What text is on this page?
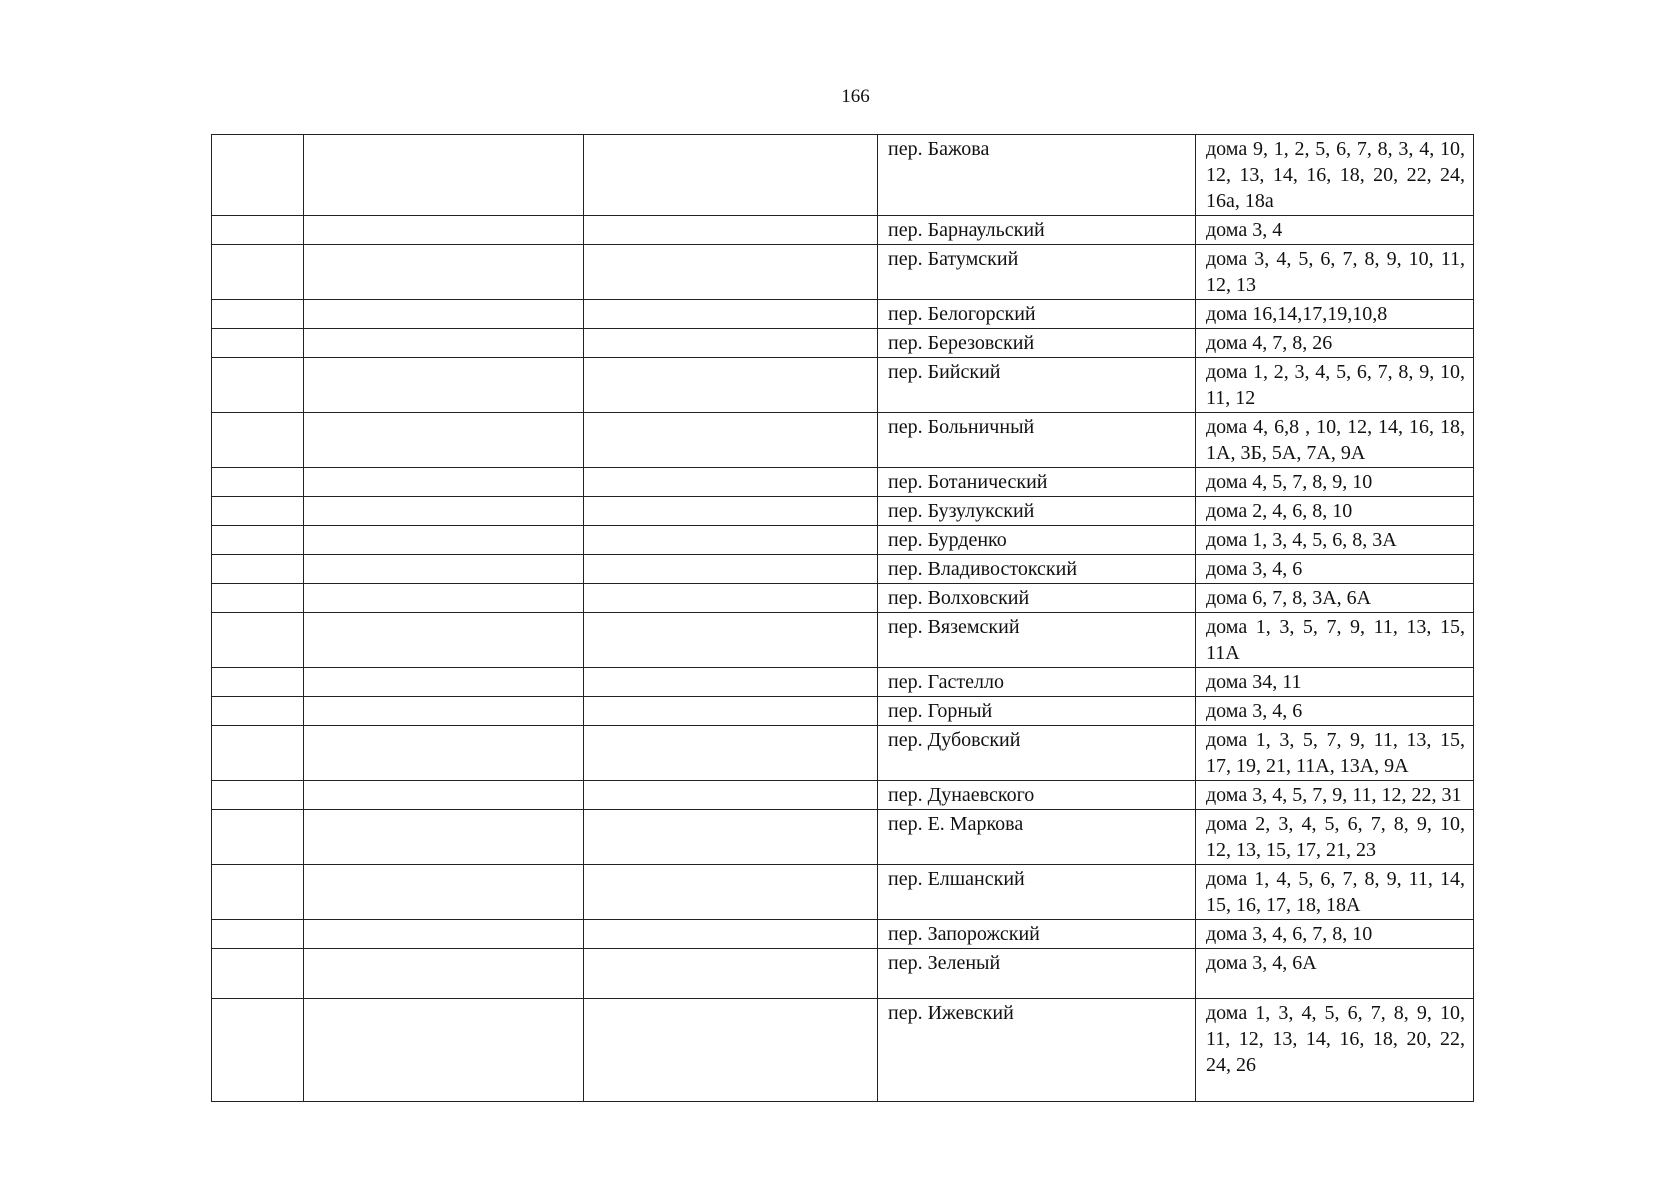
166
			пер. Бажова	дома 9, 1, 2, 5, 6, 7, 8, 3, 4, 10, 12, 13, 14, 16, 18, 20, 22, 24, 16а, 18а
			пер. Барнаульский	дома 3, 4
			пер. Батумский	дома 3, 4, 5, 6, 7, 8, 9, 10, 11, 12, 13
			пер. Белогорский	дома 16,14,17,19,10,8
			пер. Березовский	дома 4, 7, 8, 26
			пер. Бийский	дома 1, 2, 3, 4, 5, 6, 7, 8, 9, 10, 11, 12
			пер. Больничный	дома 4, 6,8 , 10, 12, 14, 16, 18, 1А, 3Б, 5А, 7А, 9А
			пер. Ботанический	дома 4, 5, 7, 8, 9, 10
			пер. Бузулукский	дома 2, 4, 6, 8, 10
			пер. Бурденко	дома 1, 3, 4, 5, 6, 8, 3А
			пер. Владивостокский	дома 3, 4, 6
			пер. Волховский	дома 6, 7, 8, 3А, 6А
			пер. Вяземский	дома 1, 3, 5, 7, 9, 11, 13, 15, 11А
			пер. Гастелло	дома 34, 11
			пер. Горный	дома 3, 4, 6
			пер. Дубовский	дома 1, 3, 5, 7, 9, 11, 13, 15, 17, 19, 21, 11А, 13А, 9А
			пер. Дунаевского	дома 3, 4, 5, 7, 9, 11, 12, 22, 31
			пер. Е. Маркова	дома 2, 3, 4, 5, 6, 7, 8, 9, 10, 12, 13, 15, 17, 21, 23
			пер. Елшанский	дома 1, 4, 5, 6, 7, 8, 9, 11, 14, 15, 16, 17, 18, 18А
			пер. Запорожский	дома 3, 4, 6, 7, 8, 10
			пер. Зеленый	дома 3, 4, 6А
			пер. Ижевский	дома 1, 3, 4, 5, 6, 7, 8, 9, 10, 11, 12, 13, 14, 16, 18, 20, 22, 24, 26
